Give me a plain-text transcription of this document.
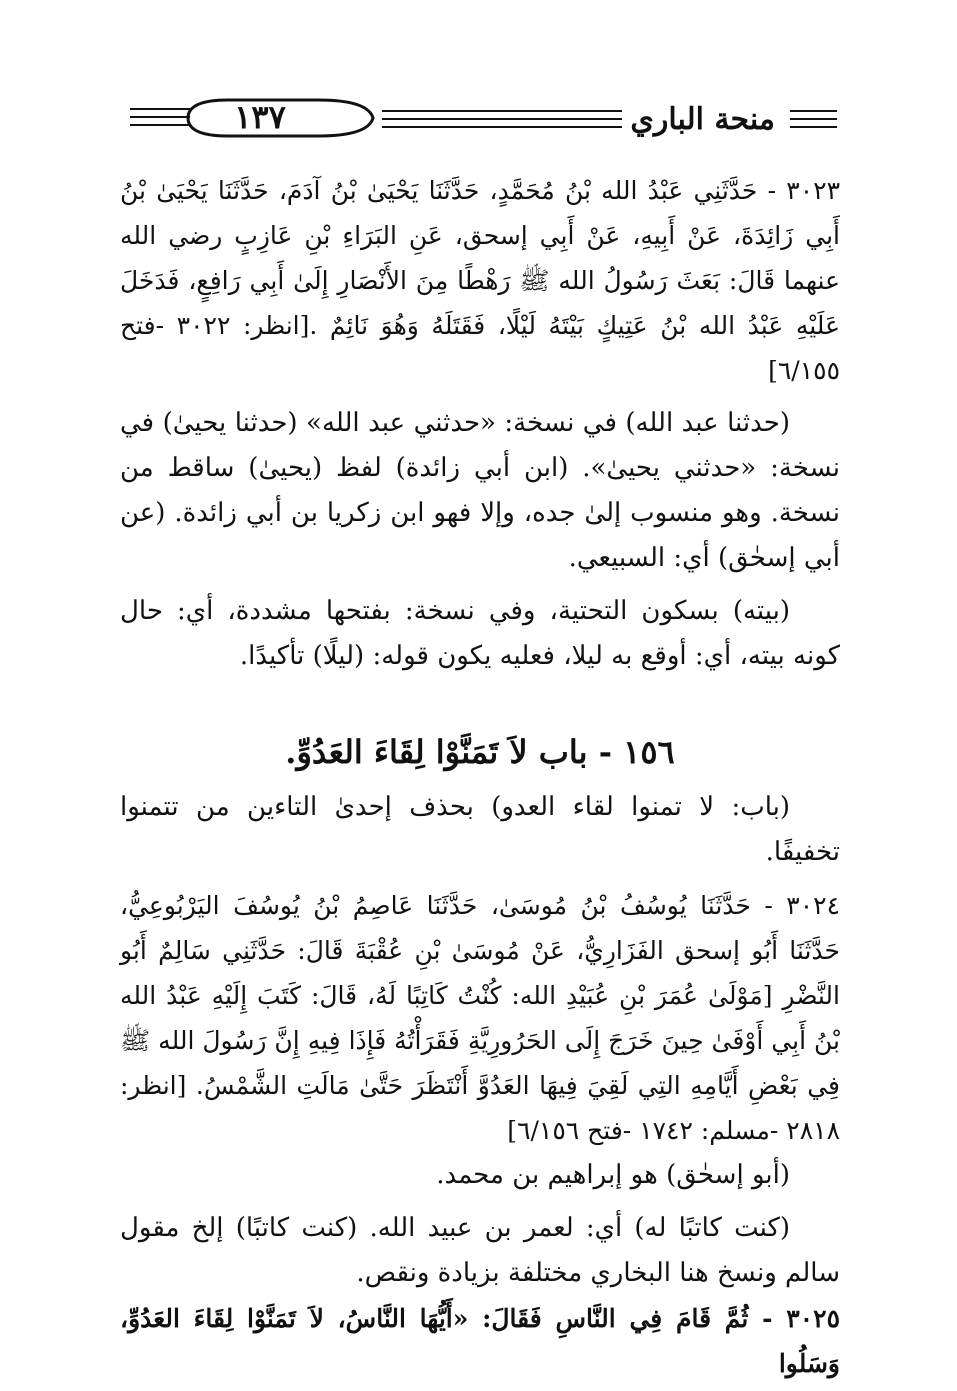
١٣٧	منحة الباري

٣٠٢٣ - حَدَّثَنِي عَبْدُ الله بْنُ مُحَمَّدٍ، حَدَّثَنَا يَحْيَىٰ بْنُ آدَمَ، حَدَّثَنَا يَحْيَىٰ بْنُ أَبِي زَائِدَةَ، عَنْ أَبِيهِ، عَنْ أَبِي إسحق، عَنِ البَرَاءِ بْنِ عَازِبٍ رضي الله عنهما قَالَ: بَعَثَ رَسُولُ الله ﷺ رَهْطًا مِنَ الأَنْصَارِ إِلَىٰ أَبِي رَافِعٍ، فَدَخَلَ عَلَيْهِ عَبْدُ الله بْنُ عَتِيكٍ بَيْتَهُ لَيْلًا، فَقَتَلَهُ وَهُوَ نَائِمٌ .[انظر: ٣٠٢٢ -فتح ٦/١٥٥]

(حدثنا عبد الله) في نسخة: «حدثني عبد الله» (حدثنا يحيىٰ) في نسخة: «حدثني يحيىٰ». (ابن أبي زائدة) لفظ (يحيىٰ) ساقط من نسخة. وهو منسوب إلىٰ جده، وإلا فهو ابن زكريا بن أبي زائدة. (عن أبي إسحٰق) أي: السبيعي.

(بيته) بسكون التحتية، وفي نسخة: بفتحها مشددة، أي: حال كونه بيته، أي: أوقع به ليلا، فعليه يكون قوله: (ليلًا) تأكيدًا.

١٥٦ - باب لاَ تَمَنَّوْا لِقَاءَ العَدُوِّ.

(باب: لا تمنوا لقاء العدو) بحذف إحدىٰ التاءين من تتمنوا تخفيفًا.

٣٠٢٤ - حَدَّثَنَا يُوسُفُ بْنُ مُوسَىٰ، حَدَّثَنَا عَاصِمُ بْنُ يُوسُفَ اليَرْبُوعِيُّ، حَدَّثَنَا أَبُو إسحق الفَزَارِيُّ، عَنْ مُوسَىٰ بْنِ عُقْبَةَ قَالَ: حَدَّثَنِي سَالِمٌ أَبُو النَّضْرِ [مَوْلَىٰ عُمَرَ بْنِ عُبَيْدِ الله: كُنْتُ كَاتِبًا لَهُ، قَالَ: كَتَبَ إِلَيْهِ عَبْدُ الله بْنُ أَبِي أَوْفَىٰ حِينَ خَرَجَ إِلَى الحَرُورِيَّةِ فَقَرَأْتُهُ فَإِذَا فِيهِ إِنَّ رَسُولَ الله ﷺ فِي بَعْضِ أَيَّامِهِ التِي لَقِيَ فِيهَا العَدُوَّ أَنْتَظَرَ حَتَّىٰ مَالَتِ الشَّمْسُ. [انظر: ٢٨١٨ -مسلم: ١٧٤٢ -فتح ٦/١٥٦]

(أبو إسحٰق) هو إبراهيم بن محمد.

(كنت كاتبًا له) أي: لعمر بن عبيد الله. (كنت كاتبًا) إلخ مقول سالم ونسخ هنا البخاري مختلفة بزيادة ونقص.

٣٠٢٥ - ثُمَّ قَامَ فِي النَّاسِ فَقَالَ: «أَيُّهَا النَّاسُ، لاَ تَمَنَّوْا لِقَاءَ العَدُوِّ، وَسَلُوا
